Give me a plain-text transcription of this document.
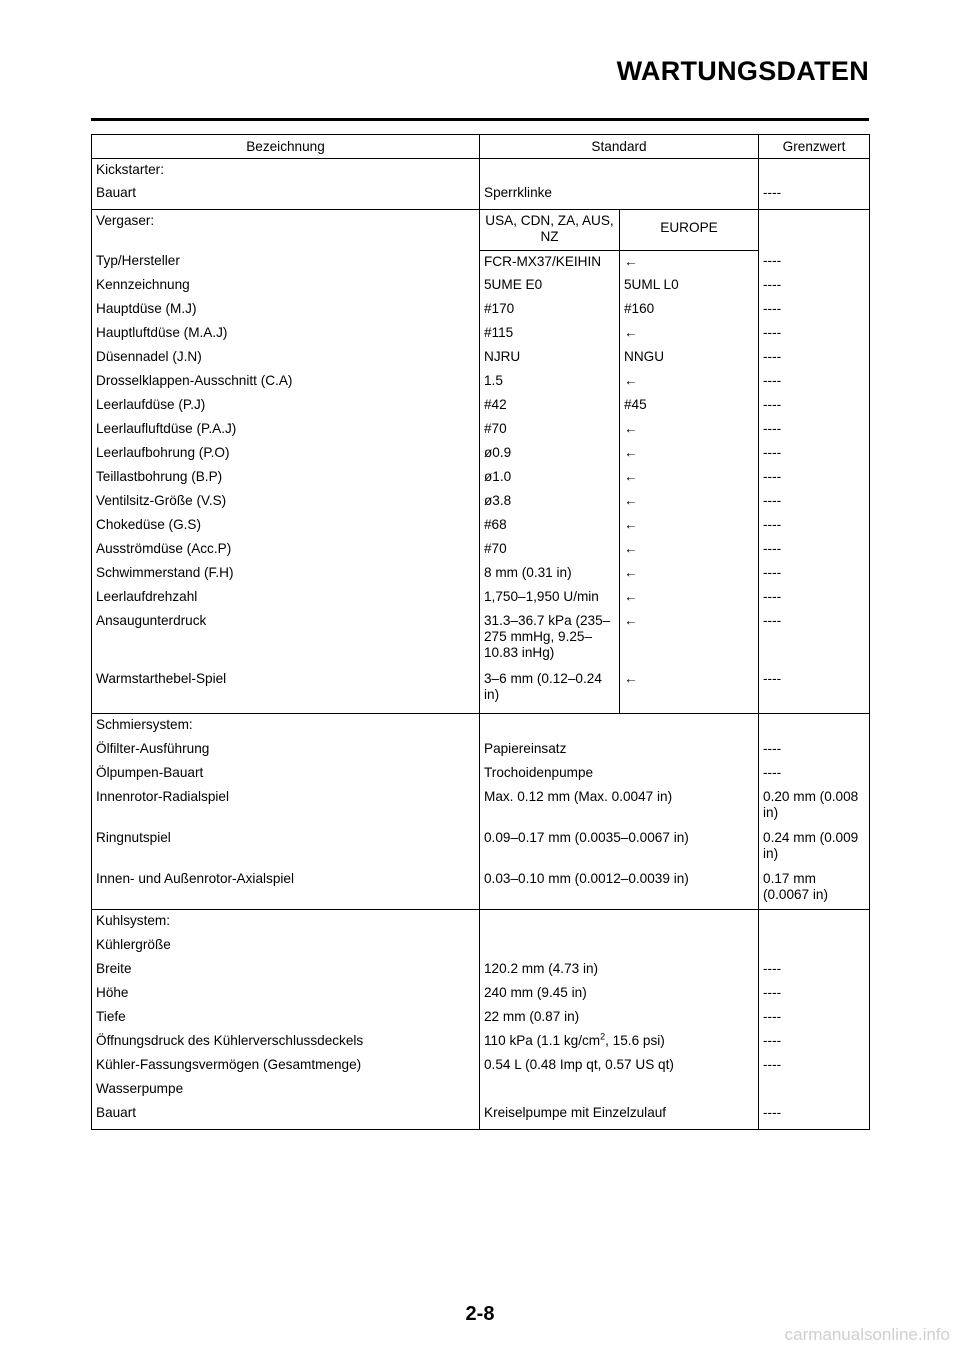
WARTUNGSDATEN
Bezeichnung	Standard		Grenzwert
Kickstarter:			
Bauart	Sperrklinke		----
Vergaser:	USA, CDN, ZA, AUS, NZ	EUROPE	
Typ/Hersteller	FCR-MX37/KEIHIN	←	----
Kennzeichnung	5UME E0	5UML L0	----
Hauptdüse (M.J)	#170	#160	----
Hauptluftdüse (M.A.J)	#115	←	----
Düsennadel (J.N)	NJRU	NNGU	----
Drosselklappen-Ausschnitt (C.A)	1.5	←	----
Leerlaufdüse (P.J)	#42	#45	----
Leerlaufluftdüse (P.A.J)	#70	←	----
Leerlaufbohrung (P.O)	ø0.9	←	----
Teillastbohrung (B.P)	ø1.0	←	----
Ventilsitz-Größe (V.S)	ø3.8	←	----
Chokedüse (G.S)	#68	←	----
Ausströmdüse (Acc.P)	#70	←	----
Schwimmerstand (F.H)	8 mm (0.31 in)	←	----
Leerlaufdrehzahl	1,750–1,950 U/min	←	----
Ansaugunterdruck	31.3–36.7 kPa (235–275 mmHg, 9.25–10.83 inHg)	←	----
Warmstarthebel-Spiel	3–6 mm (0.12–0.24 in)	←	----
Schmiersystem:			
Ölfilter-Ausführung	Papiereinsatz		----
Ölpumpen-Bauart	Trochoidenpumpe		----
Innenrotor-Radialspiel	Max. 0.12 mm (Max. 0.0047 in)		0.20 mm (0.008 in)
Ringnutspiel	0.09–0.17 mm (0.0035–0.0067 in)		0.24 mm (0.009 in)
Innen- und Außenrotor-Axialspiel	0.03–0.10 mm (0.0012–0.0039 in)		0.17 mm (0.0067 in)
Kuhlsystem:			
Kühlergröße			
Breite	120.2 mm (4.73 in)		----
Höhe	240 mm (9.45 in)		----
Tiefe	22 mm (0.87 in)		----
Öffnungsdruck des Kühlerverschlussdeckels	110 kPa (1.1 $kg/cm^2$, 15.6 psi)		----
Kühler-Fassungsvermögen (Gesamtmenge)	0.54 L (0.48 Imp qt, 0.57 US qt)		----
Wasserpumpe			
Bauart	Kreiselpumpe mit Einzelzulauf		----
2-8
carmanualsonline.info
